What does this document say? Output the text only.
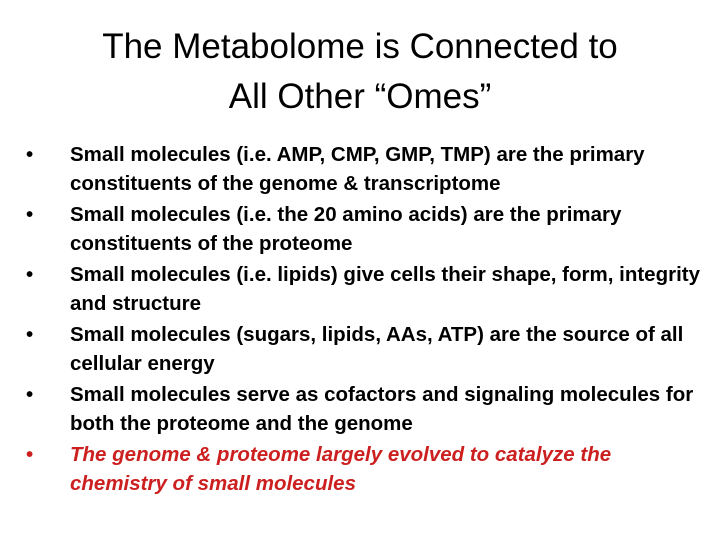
The Metabolome is Connected to
All Other “Omes”
•	Small molecules (i.e. AMP, CMP, GMP, TMP) are the primary constituents of the genome & transcriptome
•	Small molecules (i.e. the 20 amino acids) are the primary constituents of the proteome
•	Small molecules (i.e. lipids) give cells their shape, form, integrity and structure
•	Small molecules (sugars, lipids, AAs, ATP) are the source of all cellular energy
•	Small molecules serve as cofactors and signaling molecules for both the proteome and the genome
•	The genome & proteome largely evolved to catalyze the chemistry of small molecules
